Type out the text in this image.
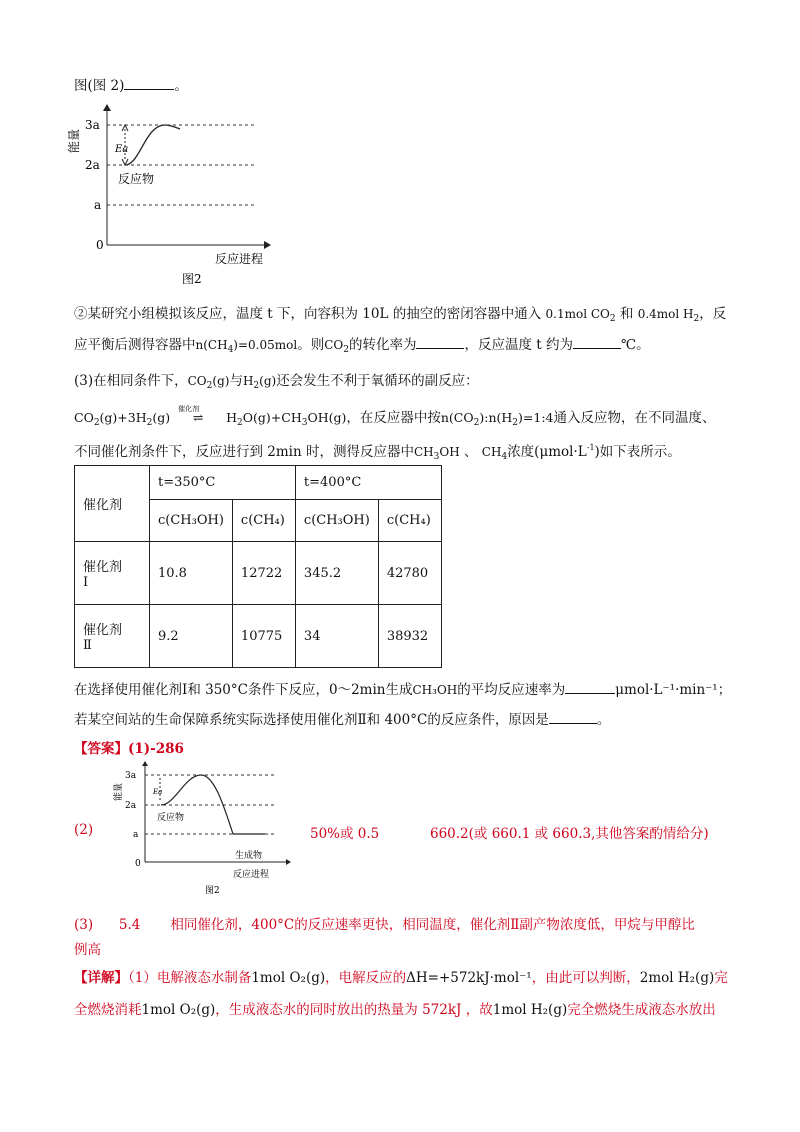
图(图 2)	。
Ea
3a
2a
a
0
反应物
反应进程
图2
能量
②某研究小组模拟该反应，温度 t 下，向容积为 10L 的抽空的密闭容器中通入 0.1mol $CO_2$ 和 0.4mol $H_2$，反
应平衡后测得容器中$n(CH_4)=0.05mol$。则$CO_2$的转化率为	，反应温度 t 约为	℃。
(3)在相同条件下，$CO_2(g)$与$H_2(g)$还会发生不利于氧循环的副反应：
$CO_2(g)+3H_2(g)$
催化剂
⇌ $H_2O(g)+CH_3OH(g)$，在反应器中按$n(CO_2):n(H_2)=1:4$通入反应物，在不同温度、
不同催化剂条件下，反应进行到 2min 时，测得反应器中$CH_3OH$ 、 $CH_4$浓度$(\mu mol\cdot L^{-1})$如下表所示。
催化剂	t=350°C		t=400°C	
	c(CH₃OH)	c(CH₄)	c(CH₃OH)	c(CH₄)
催化剂
Ⅰ	10.8	12722	345.2	42780
催化剂
Ⅱ	9.2	10775	34	38932
在选择使用催化剂Ⅰ和 350°C条件下反应，0～2min生成CH₃OH的平均反应速率为	μmol·L⁻¹·min⁻¹；
若某空间站的生命保障系统实际选择使用催化剂Ⅱ和 400°C的反应条件，原因是	。
【答案】(1)-286
Ea
3a
2a
a
0
反应物
生成物
反应进程
图2
能量
(2)	50%或 0.5	660.2(或 660.1 或 660.3,其他答案酌情给分)
(3) 5.4 相同催化剂，400°C的反应速率更快，相同温度，催化剂Ⅱ副产物浓度低，甲烷与甲醇比
例高
【详解】（1）电解液态水制备1mol O₂(g)，电解反应的ΔH=+572kJ·mol⁻¹，由此可以判断，2mol H₂(g)完
全燃烧消耗1mol O₂(g)，生成液态水的同时放出的热量为 572kJ ，故1mol H₂(g)完全燃烧生成液态水放出
